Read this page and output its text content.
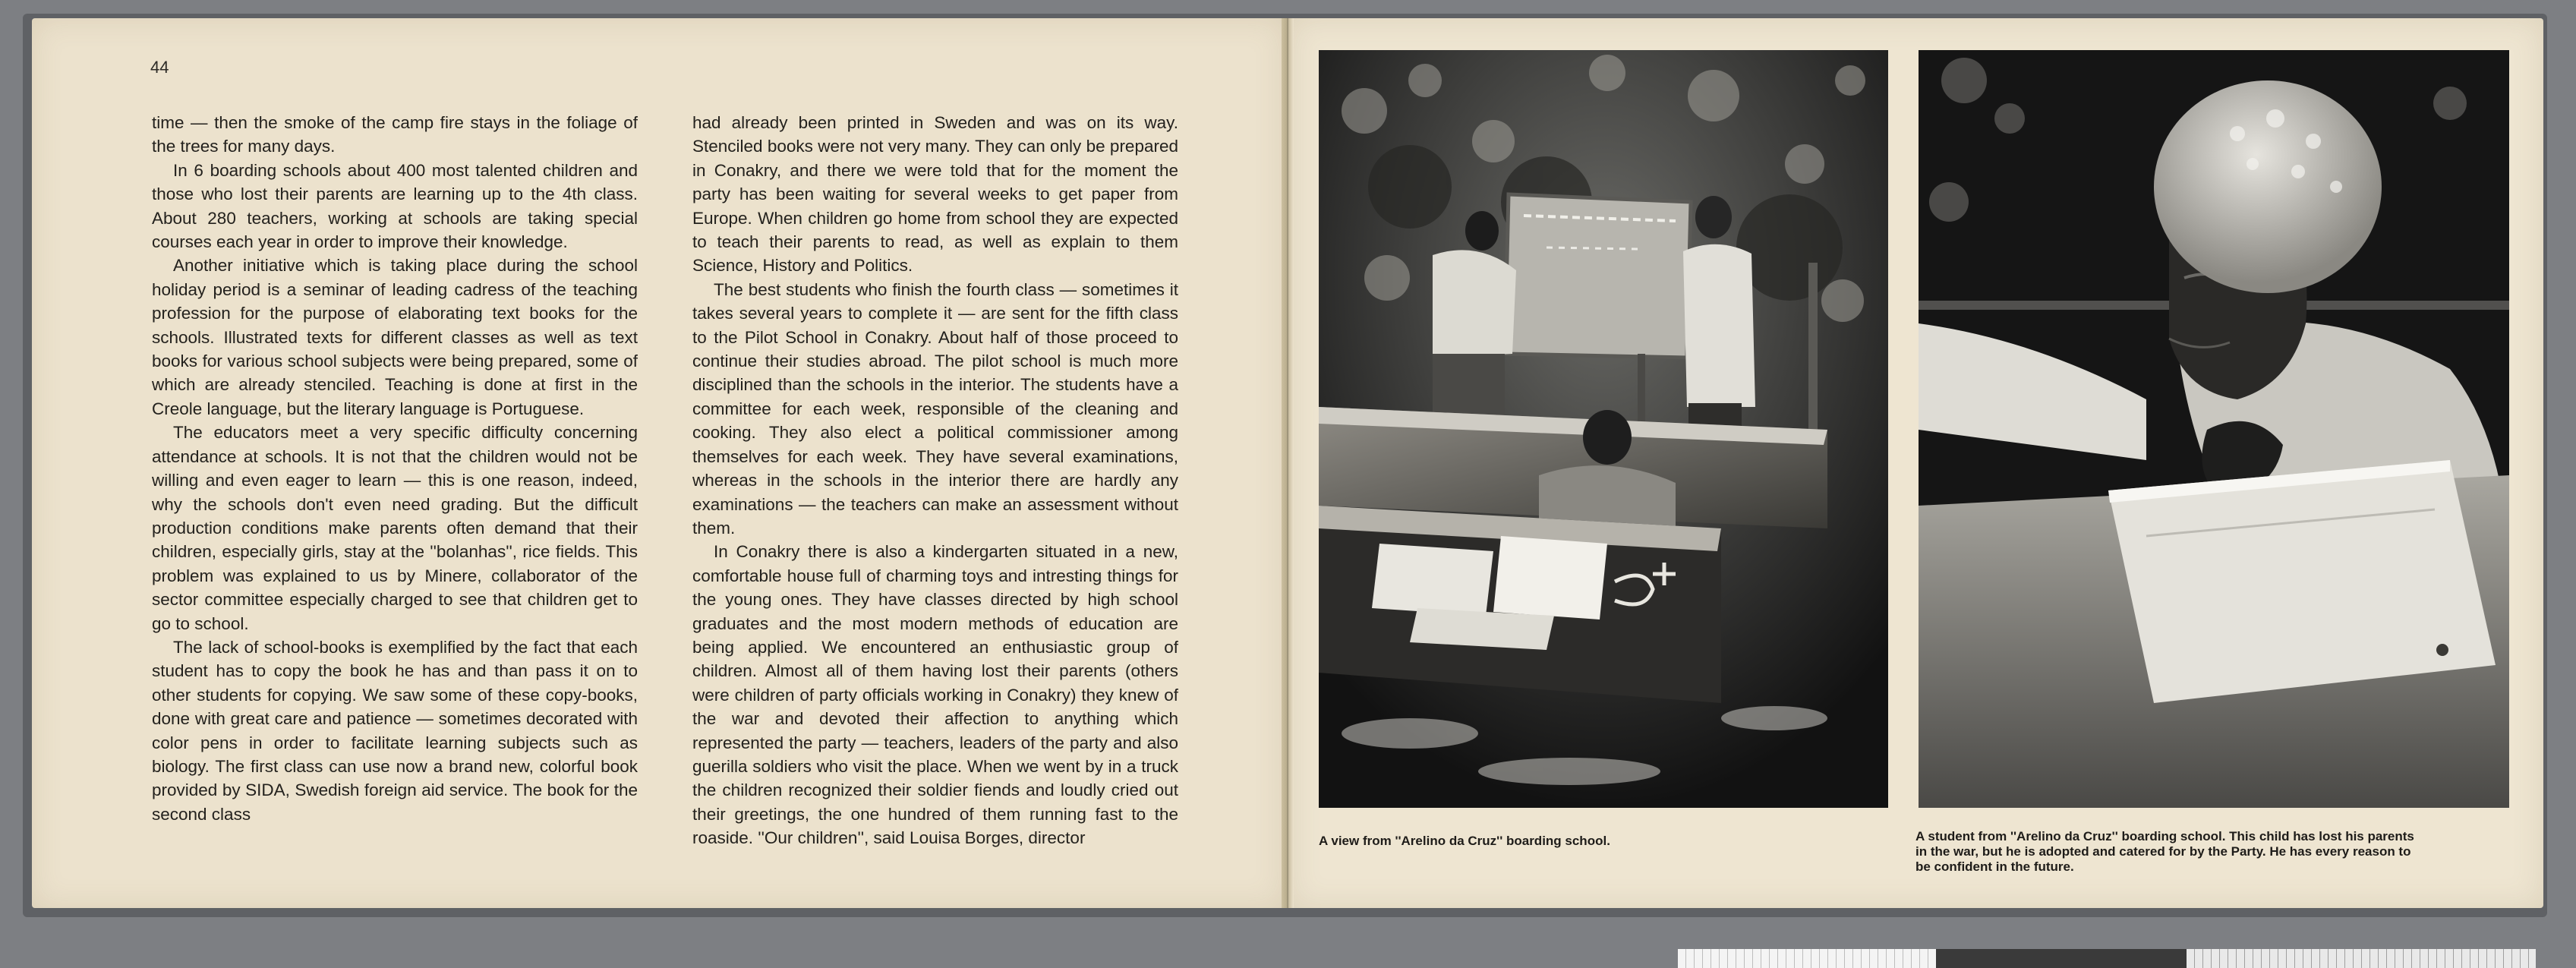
44

time — then the smoke of the camp fire stays in the foliage of the trees for many days.

In 6 boarding schools about 400 most talented children and those who lost their parents are learning up to the 4th class. About 280 teachers, working at schools are taking special courses each year in order to improve their knowledge.

Another initiative which is taking place during the school holiday period is a seminar of leading cadress of the teaching profession for the purpose of elaborating text books for the schools. Illustrated texts for different classes as well as text books for various school subjects were being prepared, some of which are already stenciled. Teaching is done at first in the Creole language, but the literary language is Portuguese.

The educators meet a very specific difficulty concerning attendance at schools. It is not that the children would not be willing and even eager to learn — this is one reason, indeed, why the schools don't even need grading. But the difficult production conditions make parents often demand that their children, especially girls, stay at the ''bolanhas'', rice fields. This problem was explained to us by Minere, collaborator of the sector committee especially charged to see that children get to go to school.

The lack of school-books is exemplified by the fact that each student has to copy the book he has and than pass it on to other students for copying. We saw some of these copy-books, done with great care and patience — sometimes decorated with color pens in order to facilitate learning subjects such as biology. The first class can use now a brand new, colorful book provided by SIDA, Swedish foreign aid service. The book for the second class

had already been printed in Sweden and was on its way. Stenciled books were not very many. They can only be prepared in Conakry, and there we were told that for the moment the party has been waiting for several weeks to get paper from Europe. When children go home from school they are expected to teach their parents to read, as well as explain to them Science, History and Politics.

The best students who finish the fourth class — sometimes it takes several years to complete it — are sent for the fifth class to the Pilot School in Conakry. About half of those proceed to continue their studies abroad. The pilot school is much more disciplined than the schools in the interior. The students have a committee for each week, responsible of the cleaning and cooking. They also elect a political commissioner among themselves for each week. They have several examinations, whereas in the schools in the interior there are hardly any examinations — the teachers can make an assessment without them.

In Conakry there is also a kindergarten situated in a new, comfortable house full of charming toys and intresting things for the young ones. They have classes directed by high school graduates and the most modern methods of education are being applied. We encountered an enthusiastic group of children. Almost all of them having lost their parents (others were children of party officials working in Conakry) they knew of the war and devoted their affection to anything which represented the party — teachers, leaders of the party and also guerilla soldiers who visit the place. When we went by in a truck the children recognized their soldier fiends and loudly cried out their greetings, the one hundred of them running fast to the roaside. ''Our children'', said Louisa Borges, director	A view from ''Arelino da Cruz'' boarding school.	A student from ''Arelino da Cruz'' boarding school. This child has lost his parents in the war, but he is adopted and catered for by the Party. He has every reason to be confident in the future.
